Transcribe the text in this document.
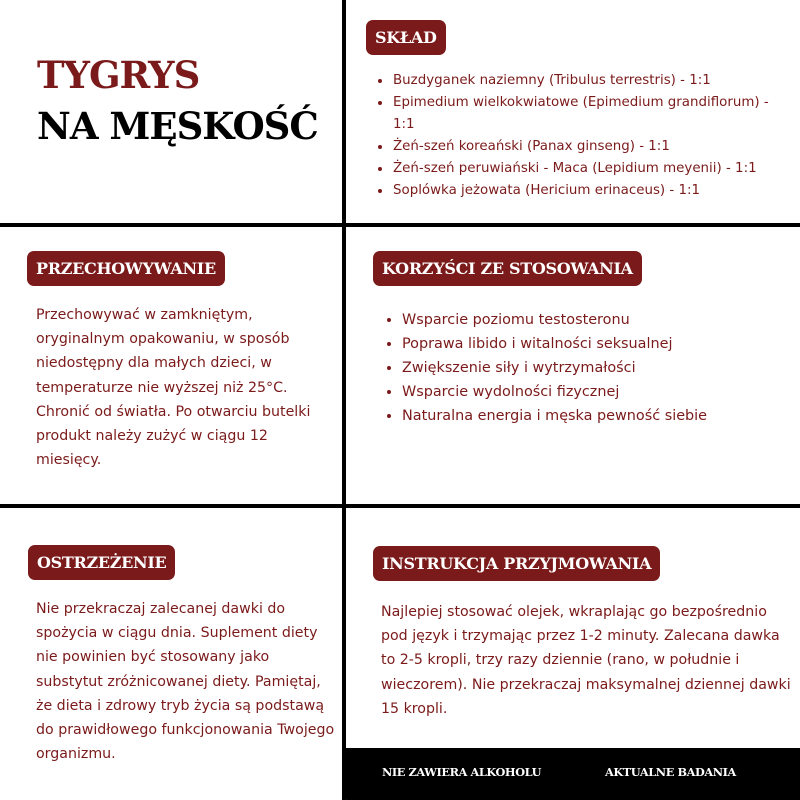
TYGRYS
NA MĘSKOŚĆ
SKŁAD
Buzdyganek naziemny (Tribulus terrestris) - 1:1
Epimedium wielkokwiatowe (Epimedium grandiflorum) - 1:1
Żeń-szeń koreański (Panax ginseng) - 1:1
Żeń-szeń peruwiański - Maca (Lepidium meyenii) - 1:1
Soplówka jeżowata (Hericium erinaceus) - 1:1
PRZECHOWYWANIE

Przechowywać w zamkniętym, oryginalnym opakowaniu, w sposób niedostępny dla małych dzieci, w temperaturze nie wyższej niż 25°C. Chronić od światła. Po otwarciu butelki produkt należy zużyć w ciągu 12 miesięcy.

KORZYŚCI ZE STOSOWANIA
Wsparcie poziomu testosteronu
Poprawa libido i witalności seksualnej
Zwiększenie siły i wytrzymałości
Wsparcie wydolności fizycznej
Naturalna energia i męska pewność siebie
OSTRZEŻENIE

Nie przekraczaj zalecanej dawki do spożycia w ciągu dnia. Suplement diety nie powinien być stosowany jako substytut zróżnicowanej diety. Pamiętaj, że dieta i zdrowy tryb życia są podstawą do prawidłowego funkcjonowania Twojego organizmu.

INSTRUKCJA PRZYJMOWANIA

Najlepiej stosować olejek, wkraplając go bezpośrednio pod język i trzymając przez 1-2 minuty. Zalecana dawka to 2-5 kropli, trzy razy dziennie (rano, w południe i wieczorem). Nie przekraczaj maksymalnej dziennej dawki 15 kropli.

NIE ZAWIERA ALKOHOLU	AKTUALNE BADANIA
